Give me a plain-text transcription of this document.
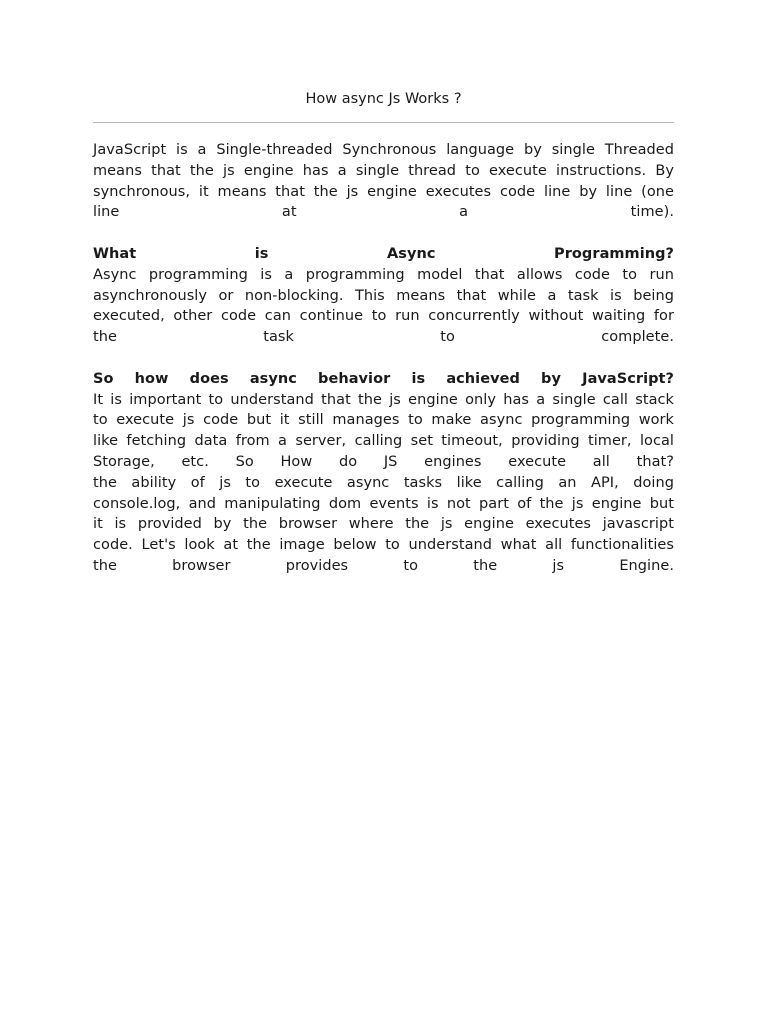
How async Js Works ?

JavaScript is a Single-threaded Synchronous language by single Threaded
means that the js engine has a single thread to execute instructions. By
synchronous, it means that the js engine executes code line by line (one
line at a time).

What is Async Programming?
Async programming is a programming model that allows code to run
asynchronously or non-blocking. This means that while a task is being
executed, other code can continue to run concurrently without waiting for
the task to complete.

So how does async behavior is achieved by JavaScript?
It is important to understand that the js engine only has a single call stack
to execute js code but it still manages to make async programming work
like fetching data from a server, calling set timeout, providing timer, local
Storage, etc. So How do JS engines execute all that?
the ability of js to execute async tasks like calling an API, doing
console.log, and manipulating dom events is not part of the js engine but
it is provided by the browser where the js engine executes javascript
code. Let's look at the image below to understand what all functionalities
the browser provides to the js Engine.
